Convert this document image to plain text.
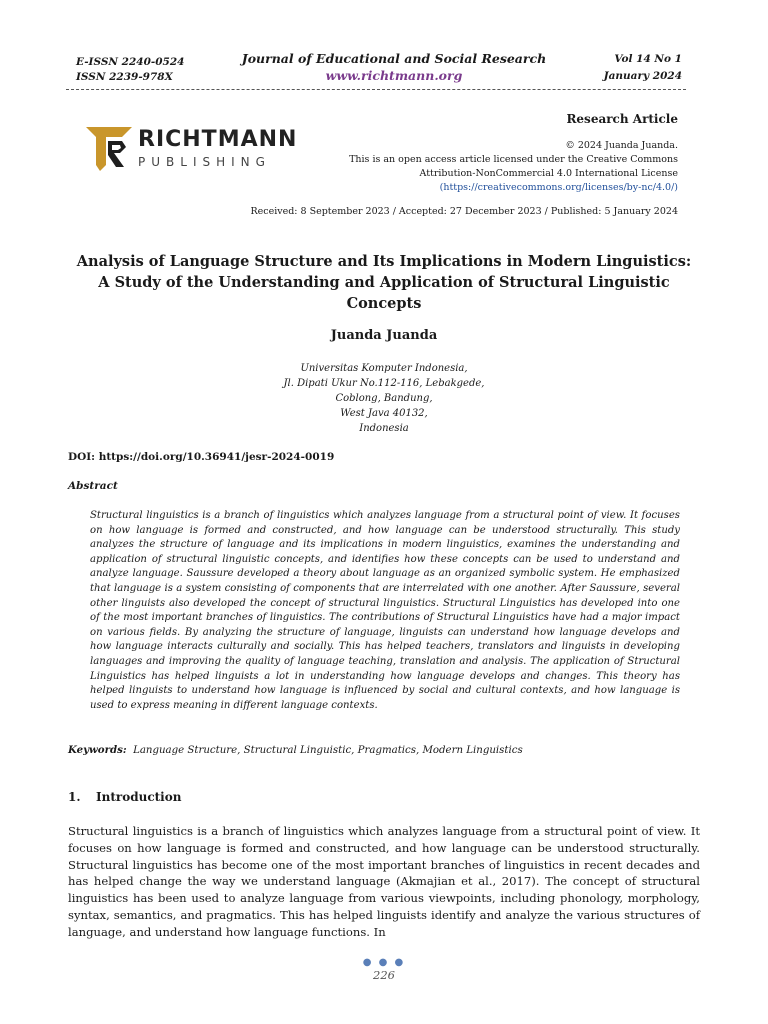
E-ISSN 2240-0524
ISSN 2239-978X
Journal of Educational and Social Research
www.richtmann.org
Vol 14 No 1
January 2024
RICHTMANN
PUBLISHING
Research Article
© 2024 Juanda Juanda.
This is an open access article licensed under the Creative Commons
Attribution-NonCommercial 4.0 International License
(https://creativecommons.org/licenses/by-nc/4.0/)
Received: 8 September 2023 / Accepted: 27 December 2023 / Published: 5 January 2024
Analysis of Language Structure and Its Implications in Modern Linguistics:
A Study of the Understanding and Application of Structural Linguistic
Concepts
Juanda Juanda
Universitas Komputer Indonesia,
Jl. Dipati Ukur No.112-116, Lebakgede,
Coblong, Bandung,
West Java 40132,
Indonesia
DOI: https://doi.org/10.36941/jesr-2024-0019
Abstract
Structural linguistics is a branch of linguistics which analyzes language from a structural point of view. It focuses on how language is formed and constructed, and how language can be understood structurally. This study analyzes the structure of language and its implications in modern linguistics, examines the understanding and application of structural linguistic concepts, and identifies how these concepts can be used to understand and analyze language. Saussure developed a theory about language as an organized symbolic system. He emphasized that language is a system consisting of components that are interrelated with one another. After Saussure, several other linguists also developed the concept of structural linguistics. Structural Linguistics has developed into one of the most important branches of linguistics. The contributions of Structural Linguistics have had a major impact on various fields. By analyzing the structure of language, linguists can understand how language develops and how language interacts culturally and socially. This has helped teachers, translators and linguists in developing languages and improving the quality of language teaching, translation and analysis. The application of Structural Linguistics has helped linguists a lot in understanding how language develops and changes. This theory has helped linguists to understand how language is influenced by social and cultural contexts, and how language is used to express meaning in different language contexts.
Keywords: Language Structure, Structural Linguistic, Pragmatics, Modern Linguistics
1. Introduction
Structural linguistics is a branch of linguistics which analyzes language from a structural point of view. It focuses on how language is formed and constructed, and how language can be understood structurally. Structural linguistics has become one of the most important branches of linguistics in recent decades and has helped change the way we understand language (Akmajian et al., 2017). The concept of structural linguistics has been used to analyze language from various viewpoints, including phonology, morphology, syntax, semantics, and pragmatics. This has helped linguists identify and analyze the various structures of language, and understand how language functions. In
● ● ●
226
